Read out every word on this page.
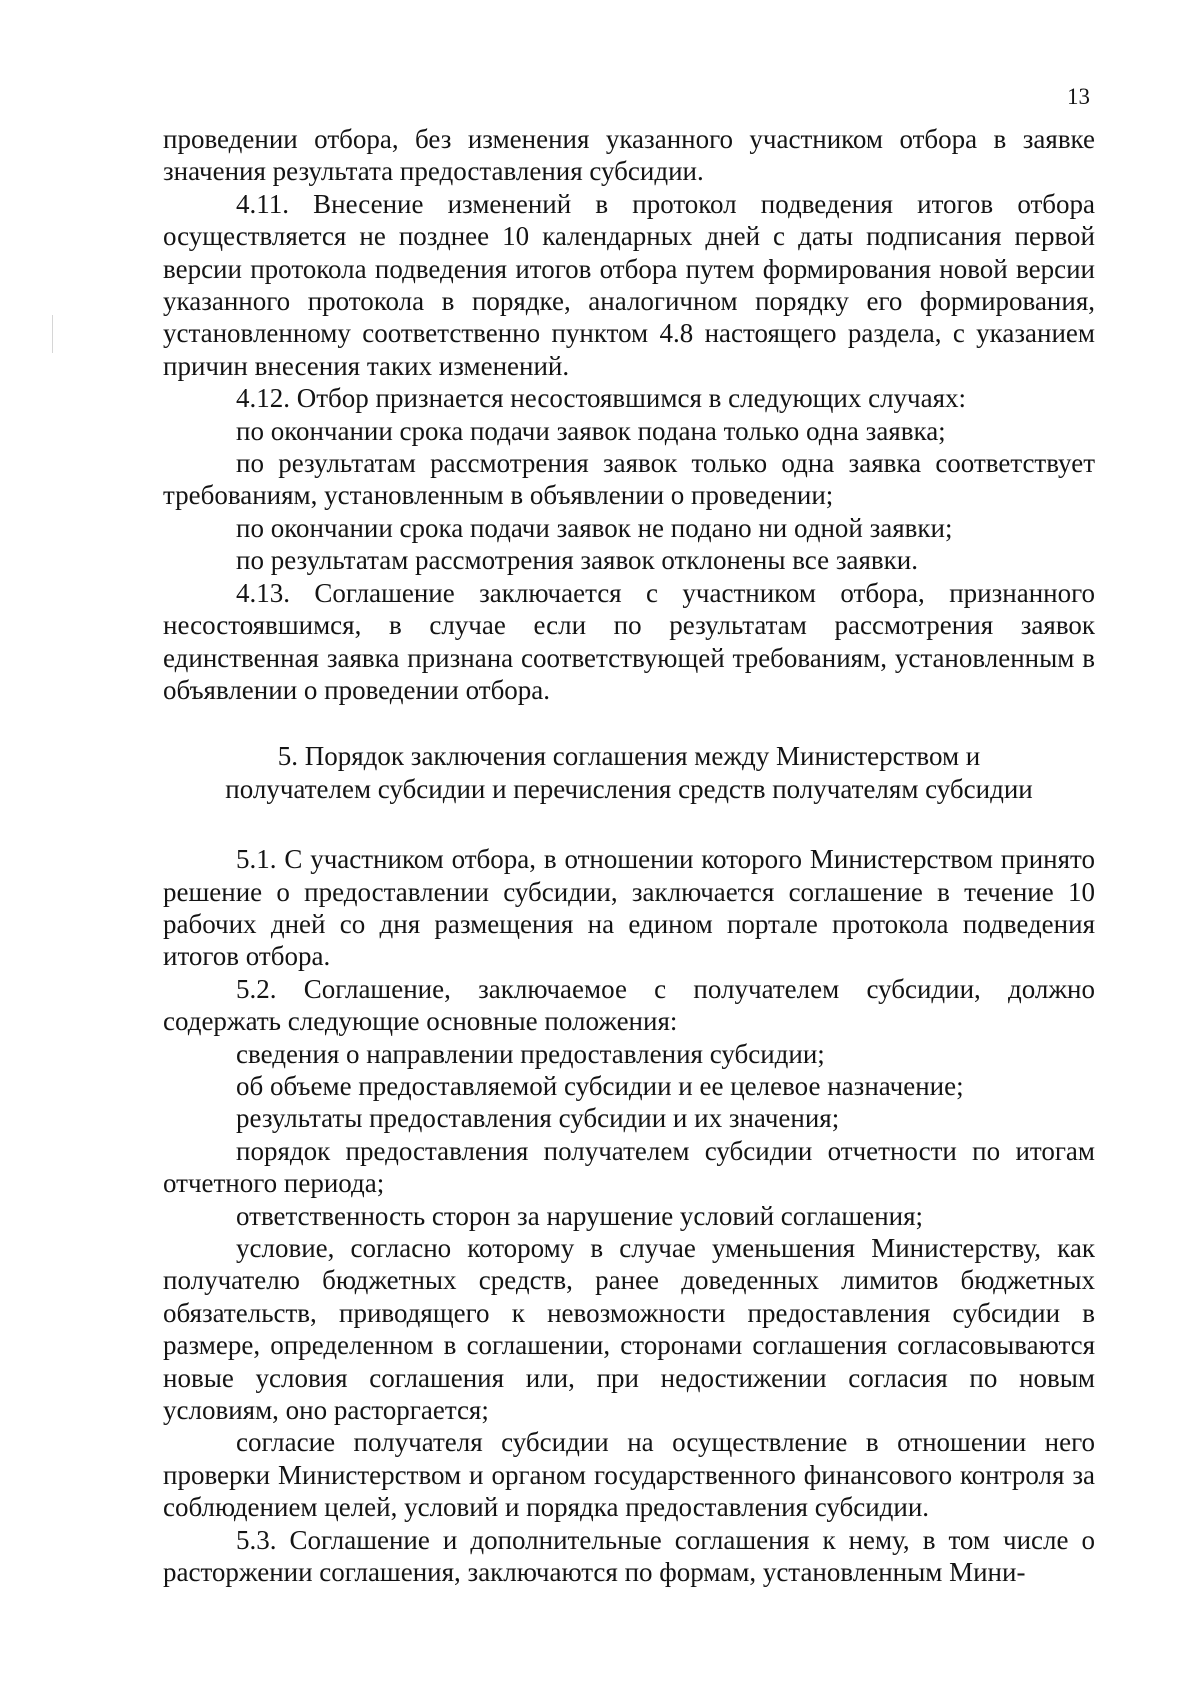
13

проведении отбора, без изменения указанного участником отбора в заявке значения результата предоставления субсидии.

4.11. Внесение изменений в протокол подведения итогов отбора осуществляется не позднее 10 календарных дней с даты подписания первой версии протокола подведения итогов отбора путем формирования новой версии указанного протокола в порядке, аналогичном порядку его формирования, установленному соответственно пунктом 4.8 настоящего раздела, с указанием причин внесения таких изменений.

4.12. Отбор признается несостоявшимся в следующих случаях:

по окончании срока подачи заявок подана только одна заявка;

по результатам рассмотрения заявок только одна заявка соответствует требованиям, установленным в объявлении о проведении;

по окончании срока подачи заявок не подано ни одной заявки;

по результатам рассмотрения заявок отклонены все заявки.

4.13. Соглашение заключается с участником отбора, признанного несостоявшимся, в случае если по результатам рассмотрения заявок единственная заявка признана соответствующей требованиям, установленным в объявлении о проведении отбора.

5. Порядок заключения соглашения между Министерством и
получателем субсидии и перечисления средств получателям субсидии

5.1. С участником отбора, в отношении которого Министерством принято решение о предоставлении субсидии, заключается соглашение в течение 10 рабочих дней со дня размещения на едином портале протокола подведения итогов отбора.

5.2. Соглашение, заключаемое с получателем субсидии, должно содержать следующие основные положения:

сведения о направлении предоставления субсидии;

об объеме предоставляемой субсидии и ее целевое назначение;

результаты предоставления субсидии и их значения;

порядок предоставления получателем субсидии отчетности по итогам отчетного периода;

ответственность сторон за нарушение условий соглашения;

условие, согласно которому в случае уменьшения Министерству, как получателю бюджетных средств, ранее доведенных лимитов бюджетных обязательств, приводящего к невозможности предоставления субсидии в размере, определенном в соглашении, сторонами соглашения согласовываются новые условия соглашения или, при недостижении согласия по новым условиям, оно расторгается;

согласие получателя субсидии на осуществление в отношении него проверки Министерством и органом государственного финансового контроля за соблюдением целей, условий и порядка предоставления субсидии.

5.3. Соглашение и дополнительные соглашения к нему, в том числе о расторжении соглашения, заключаются по формам, установленным Мини-
